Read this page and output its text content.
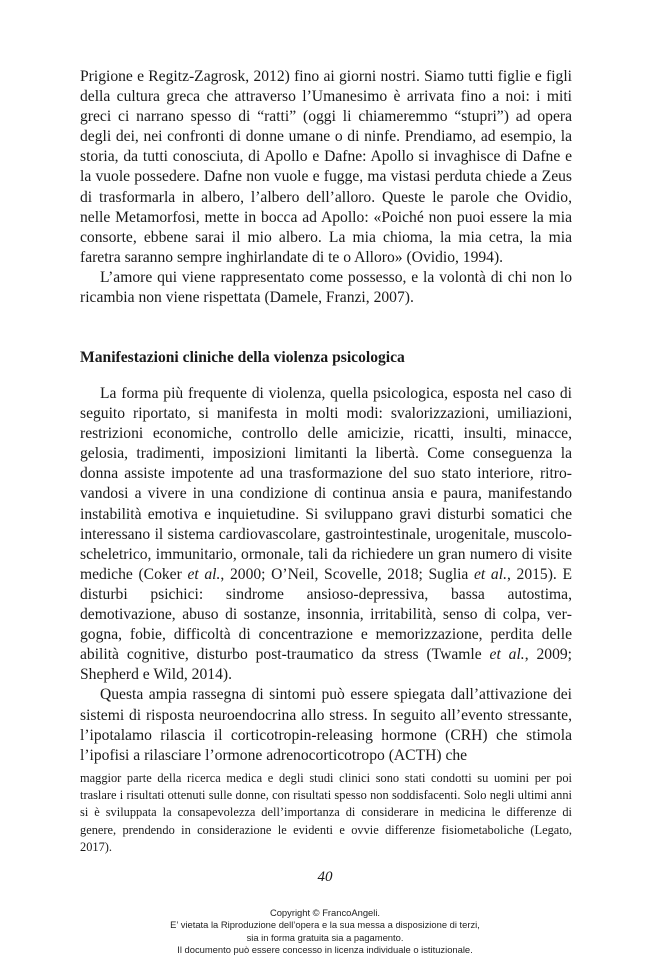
Prigione e Regitz-Zagrosk, 2012) fino ai giorni nostri. Siamo tutti figlie e figli della cultura greca che attraverso l’Umanesimo è arrivata fino a noi: i miti greci ci narrano spesso di “ratti” (oggi li chiameremmo “stupri”) ad opera degli dei, nei confronti di donne umane o di ninfe. Prendiamo, ad esempio, la storia, da tutti conosciuta, di Apollo e Dafne: Apollo si invaghisce di Dafne e la vuole possedere. Dafne non vuole e fugge, ma vistasi perduta chiede a Zeus di trasformarla in albero, l’albero dell’alloro. Queste le parole che Ovidio, nelle Metamorfosi, mette in bocca ad Apollo: «Poiché non puoi essere la mia consorte, ebbene sarai il mio albero. La mia chioma, la mia cetra, la mia faretra saranno sempre inghirlandate di te o Alloro» (Ovidio, 1994).

L’amore qui viene rappresentato come possesso, e la volontà di chi non lo ricambia non viene rispettata (Damele, Franzi, 2007).

Manifestazioni cliniche della violenza psicologica

La forma più frequente di violenza, quella psicologica, esposta nel caso di seguito riportato, si manifesta in molti modi: svalorizzazioni, umiliazioni, restrizioni economiche, controllo delle amicizie, ricatti, insulti, minacce, gelosia, tradimenti, imposizioni limitanti la libertà. Come conseguenza la donna assiste impotente ad una trasformazione del suo stato interiore, ritrovandosi a vivere in una condizione di continua ansia e paura, manifestando instabilità emotiva e inquietudine. Si sviluppano gravi disturbi somatici che interessano il sistema cardiovascolare, gastrointestinale, urogenitale, muscolo-scheletrico, immunitario, ormonale, tali da richiedere un gran numero di visite mediche (Coker et al., 2000; O’Neil, Scovelle, 2018; Suglia et al., 2015). E disturbi psichici: sindrome ansioso-depressiva, bassa autostima, demotivazione, abuso di sostanze, insonnia, irritabilità, senso di colpa, vergogna, fobie, difficoltà di concentrazione e memorizzazione, perdita delle abilità cognitive, disturbo post-traumatico da stress (Twamle et al., 2009; Shepherd e Wild, 2014).

Questa ampia rassegna di sintomi può essere spiegata dall’attivazione dei sistemi di risposta neuroendocrina allo stress. In seguito all’evento stressante, l’ipotalamo rilascia il corticotropin-releasing hormone (CRH) che stimola l’ipofisi a rilasciare l’ormone adrenocorticotropo (ACTH) che

maggior parte della ricerca medica e degli studi clinici sono stati condotti su uomini per poi traslare i risultati ottenuti sulle donne, con risultati spesso non soddisfacenti. Solo negli ultimi anni si è sviluppata la consapevolezza dell’importanza di considerare in medicina le differenze di genere, prendendo in considerazione le evidenti e ovvie differenze fisiometaboliche (Legato, 2017).
40
Copyright © FrancoAngeli.
E’ vietata la Riproduzione dell’opera e la sua messa a disposizione di terzi,
sia in forma gratuita sia a pagamento.
Il documento può essere concesso in licenza individuale o istituzionale.
